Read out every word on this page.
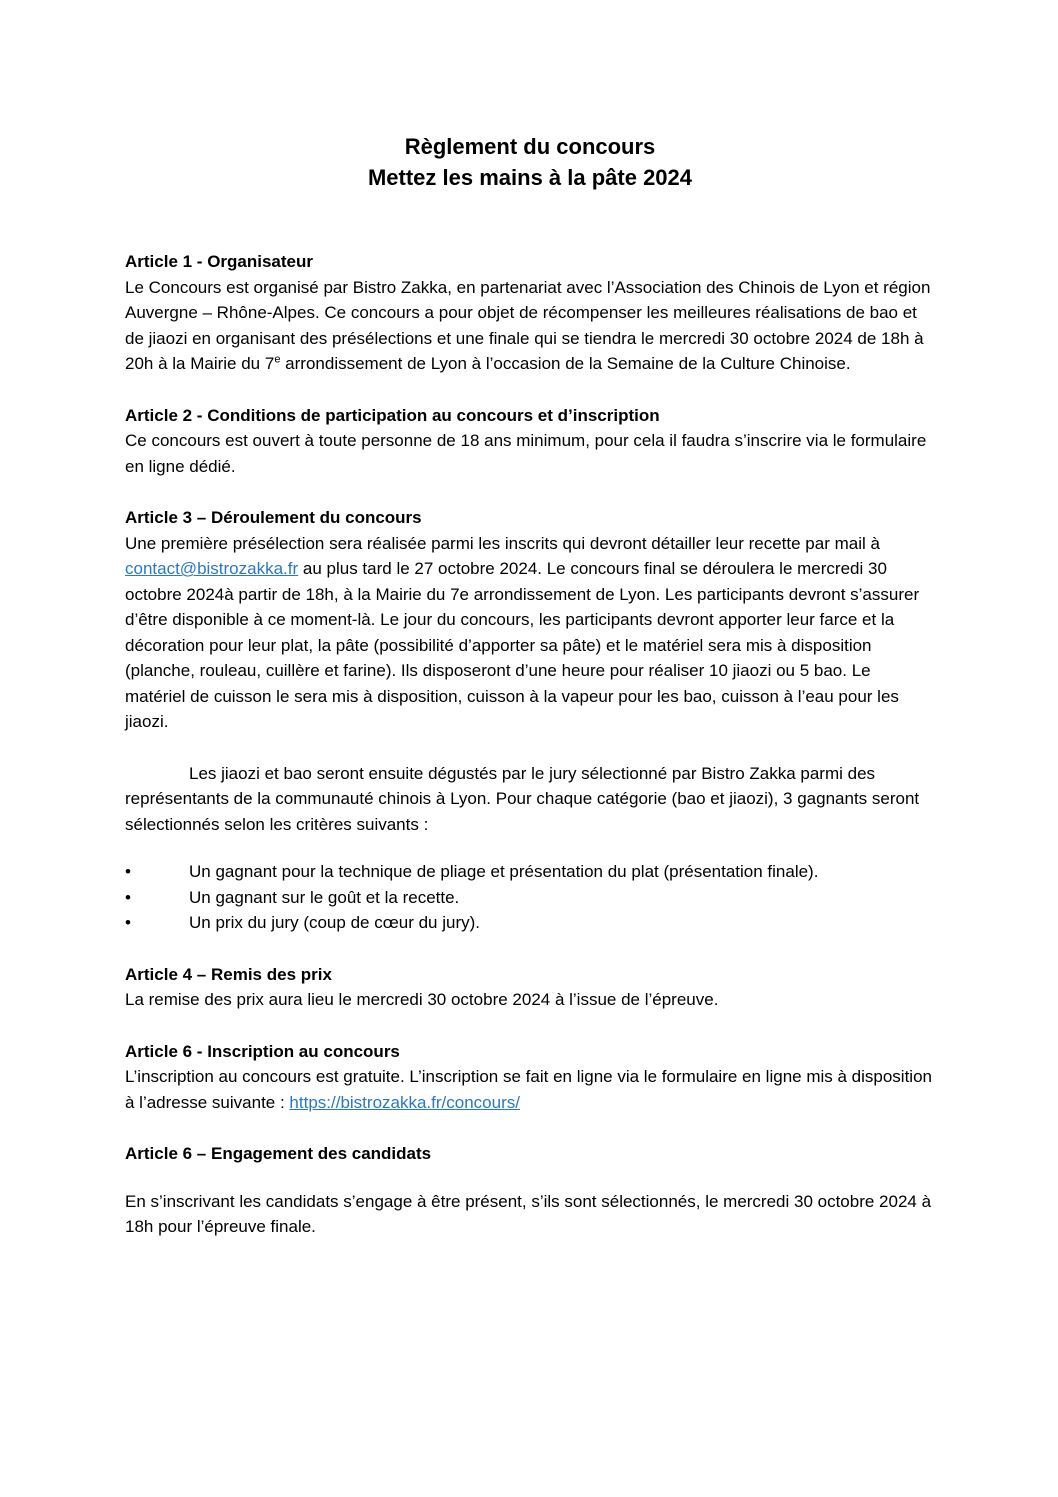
Règlement du concours
Mettez les mains à la pâte 2024
Article 1 - Organisateur

Le Concours est organisé par Bistro Zakka, en partenariat avec l’Association des Chinois de Lyon et région Auvergne – Rhône-Alpes. Ce concours a pour objet de récompenser les meilleures réalisations de bao et de jiaozi en organisant des présélections et une finale qui se tiendra le mercredi 30 octobre 2024 de 18h à 20h à la Mairie du 7e arrondissement de Lyon à l’occasion de la Semaine de la Culture Chinoise.

Article 2 - Conditions de participation au concours et d’inscription

Ce concours est ouvert à toute personne de 18 ans minimum, pour cela il faudra s’inscrire via le formulaire en ligne dédié.

Article 3 – Déroulement du concours

Une première présélection sera réalisée parmi les inscrits qui devront détailler leur recette par mail à contact@bistrozakka.fr au plus tard le 27 octobre 2024. Le concours final se déroulera le mercredi 30 octobre 2024à partir de 18h, à la Mairie du 7e arrondissement de Lyon. Les participants devront s’assurer d’être disponible à ce moment-là. Le jour du concours, les participants devront apporter leur farce et la décoration pour leur plat, la pâte (possibilité d’apporter sa pâte) et le matériel sera mis à disposition (planche, rouleau, cuillère et farine). Ils disposeront d’une heure pour réaliser 10 jiaozi ou 5 bao. Le matériel de cuisson le sera mis à disposition, cuisson à la vapeur pour les bao, cuisson à l’eau pour les jiaozi.

Les jiaozi et bao seront ensuite dégustés par le jury sélectionné par Bistro Zakka parmi des représentants de la communauté chinois à Lyon. Pour chaque catégorie (bao et jiaozi), 3 gagnants seront sélectionnés selon les critères suivants :

•	Un gagnant pour la technique de pliage et présentation du plat (présentation finale).
•	Un gagnant sur le goût et la recette.
•	Un prix du jury (coup de cœur du jury).
Article 4 – Remis des prix

La remise des prix aura lieu le mercredi 30 octobre 2024 à l’issue de l’épreuve.

Article 6 - Inscription au concours

L’inscription au concours est gratuite. L’inscription se fait en ligne via le formulaire en ligne mis à disposition à l’adresse suivante : https://bistrozakka.fr/concours/

Article 6 – Engagement des candidats

En s’inscrivant les candidats s’engage à être présent, s’ils sont sélectionnés, le mercredi 30 octobre 2024 à 18h pour l’épreuve finale.
